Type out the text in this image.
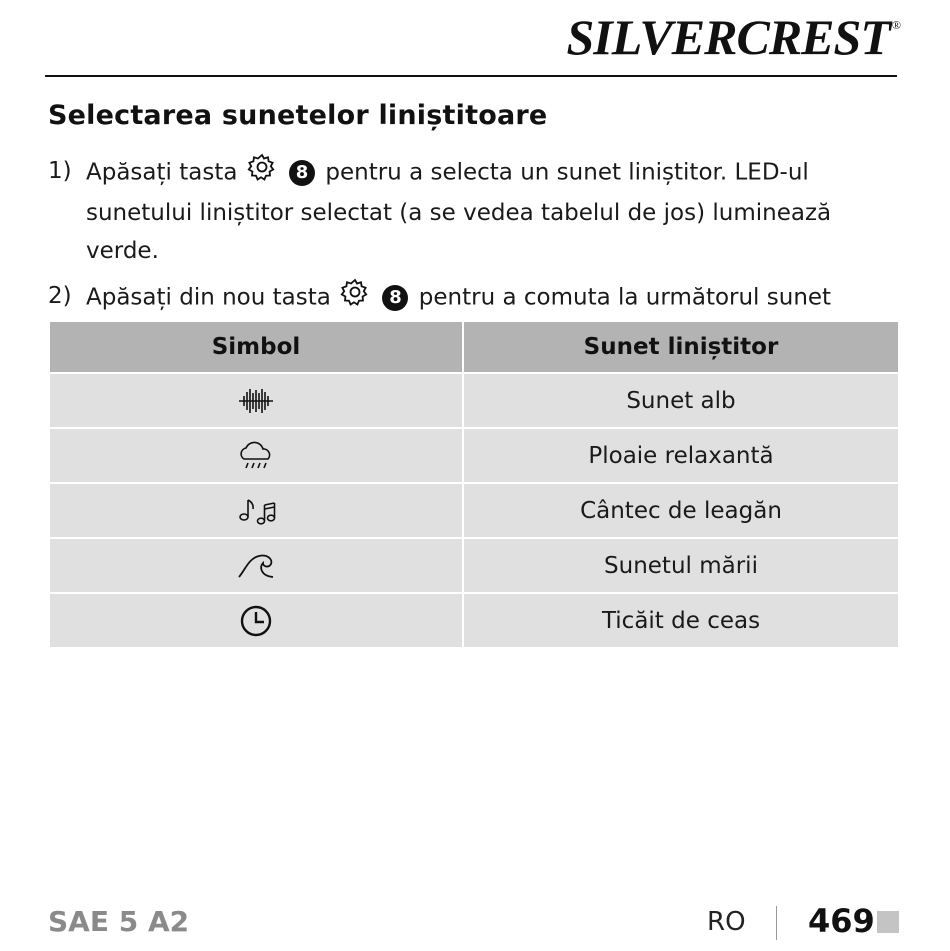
SILVERCREST ®
Selectarea sunetelor liniștitoare
1) Apăsați tasta	8 pentru a selecta un sunet liniștitor. LED-ul sunetului liniștitor selectat (a se vedea tabelul de jos) luminează verde.
2) Apăsați din nou tasta	8 pentru a comuta la următorul sunet
Simbol	Sunet liniștitor
	Sunet alb
	Ploaie relaxantă
	Cântec de leagăn
	Sunetul mării
	Ticăit de ceas
SAE 5 A2	RO 469
